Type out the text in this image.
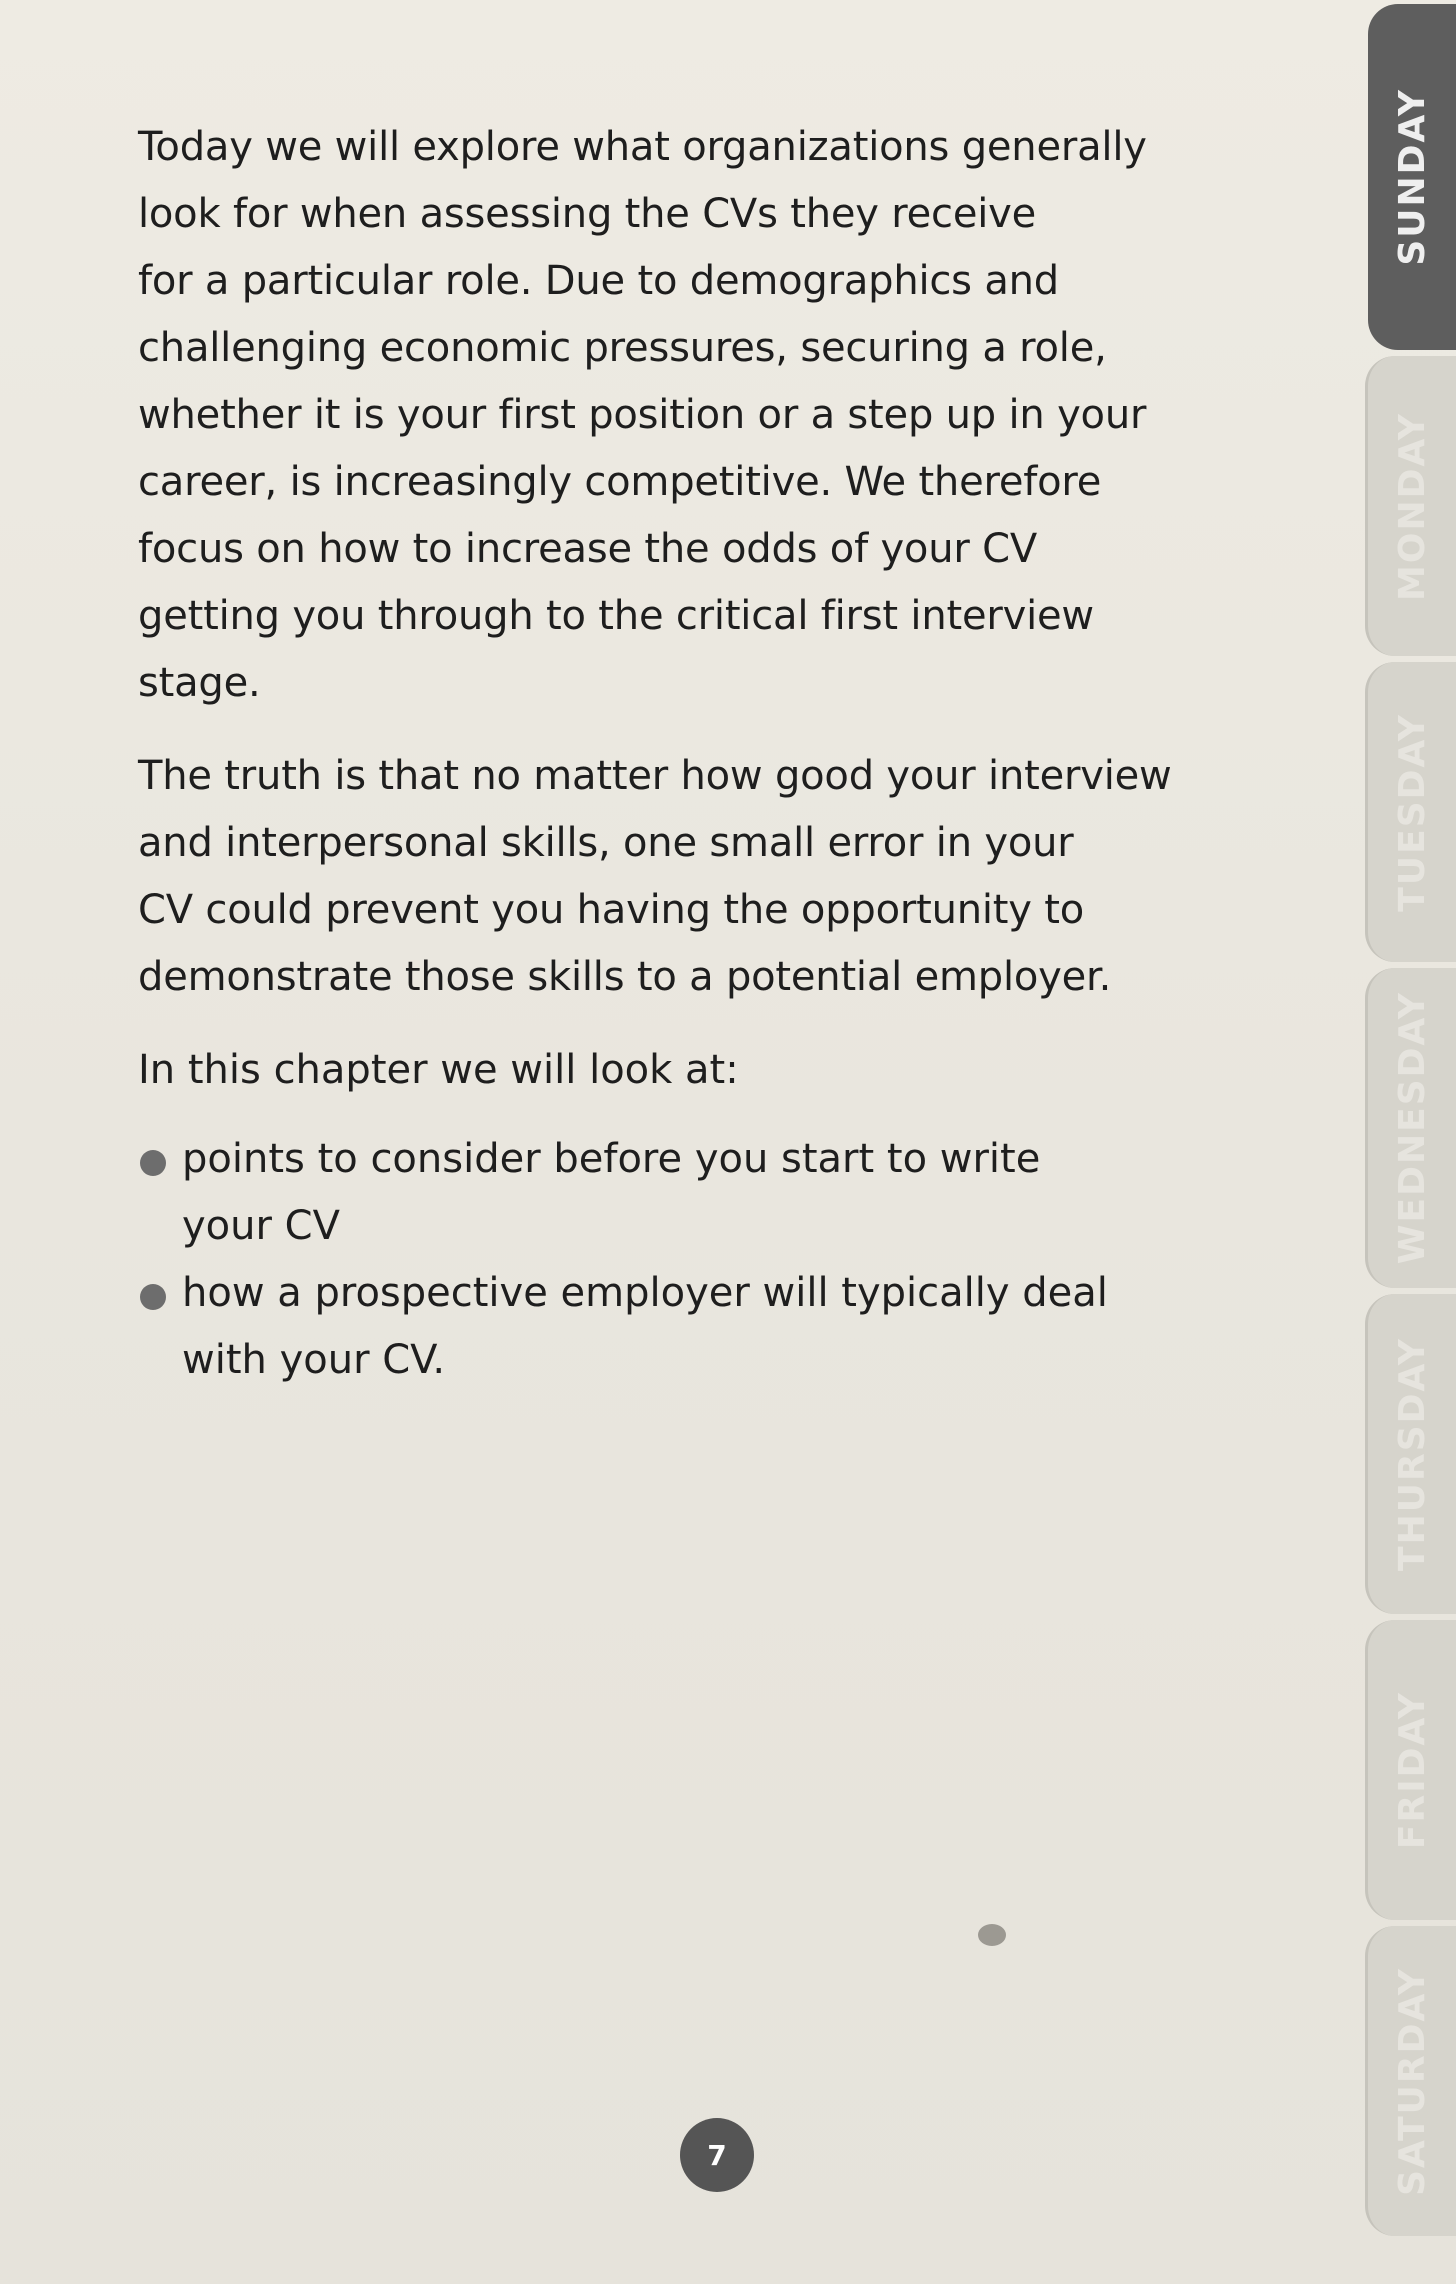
Today we will explore what organizations generally
look for when assessing the CVs they receive
for a particular role. Due to demographics and
challenging economic pressures, securing a role,
whether it is your first position or a step up in your
career, is increasingly competitive. We therefore
focus on how to increase the odds of your CV
getting you through to the critical first interview
stage.

The truth is that no matter how good your interview
and interpersonal skills, one small error in your
CV could prevent you having the opportunity to
demonstrate those skills to a potential employer.

In this chapter we will look at:

points to consider before you start to write
your CV
how a prospective employer will typically deal
with your CV.
SUNDAY
MONDAY
TUESDAY
WEDNESDAY
THURSDAY
FRIDAY
SATURDAY
7
